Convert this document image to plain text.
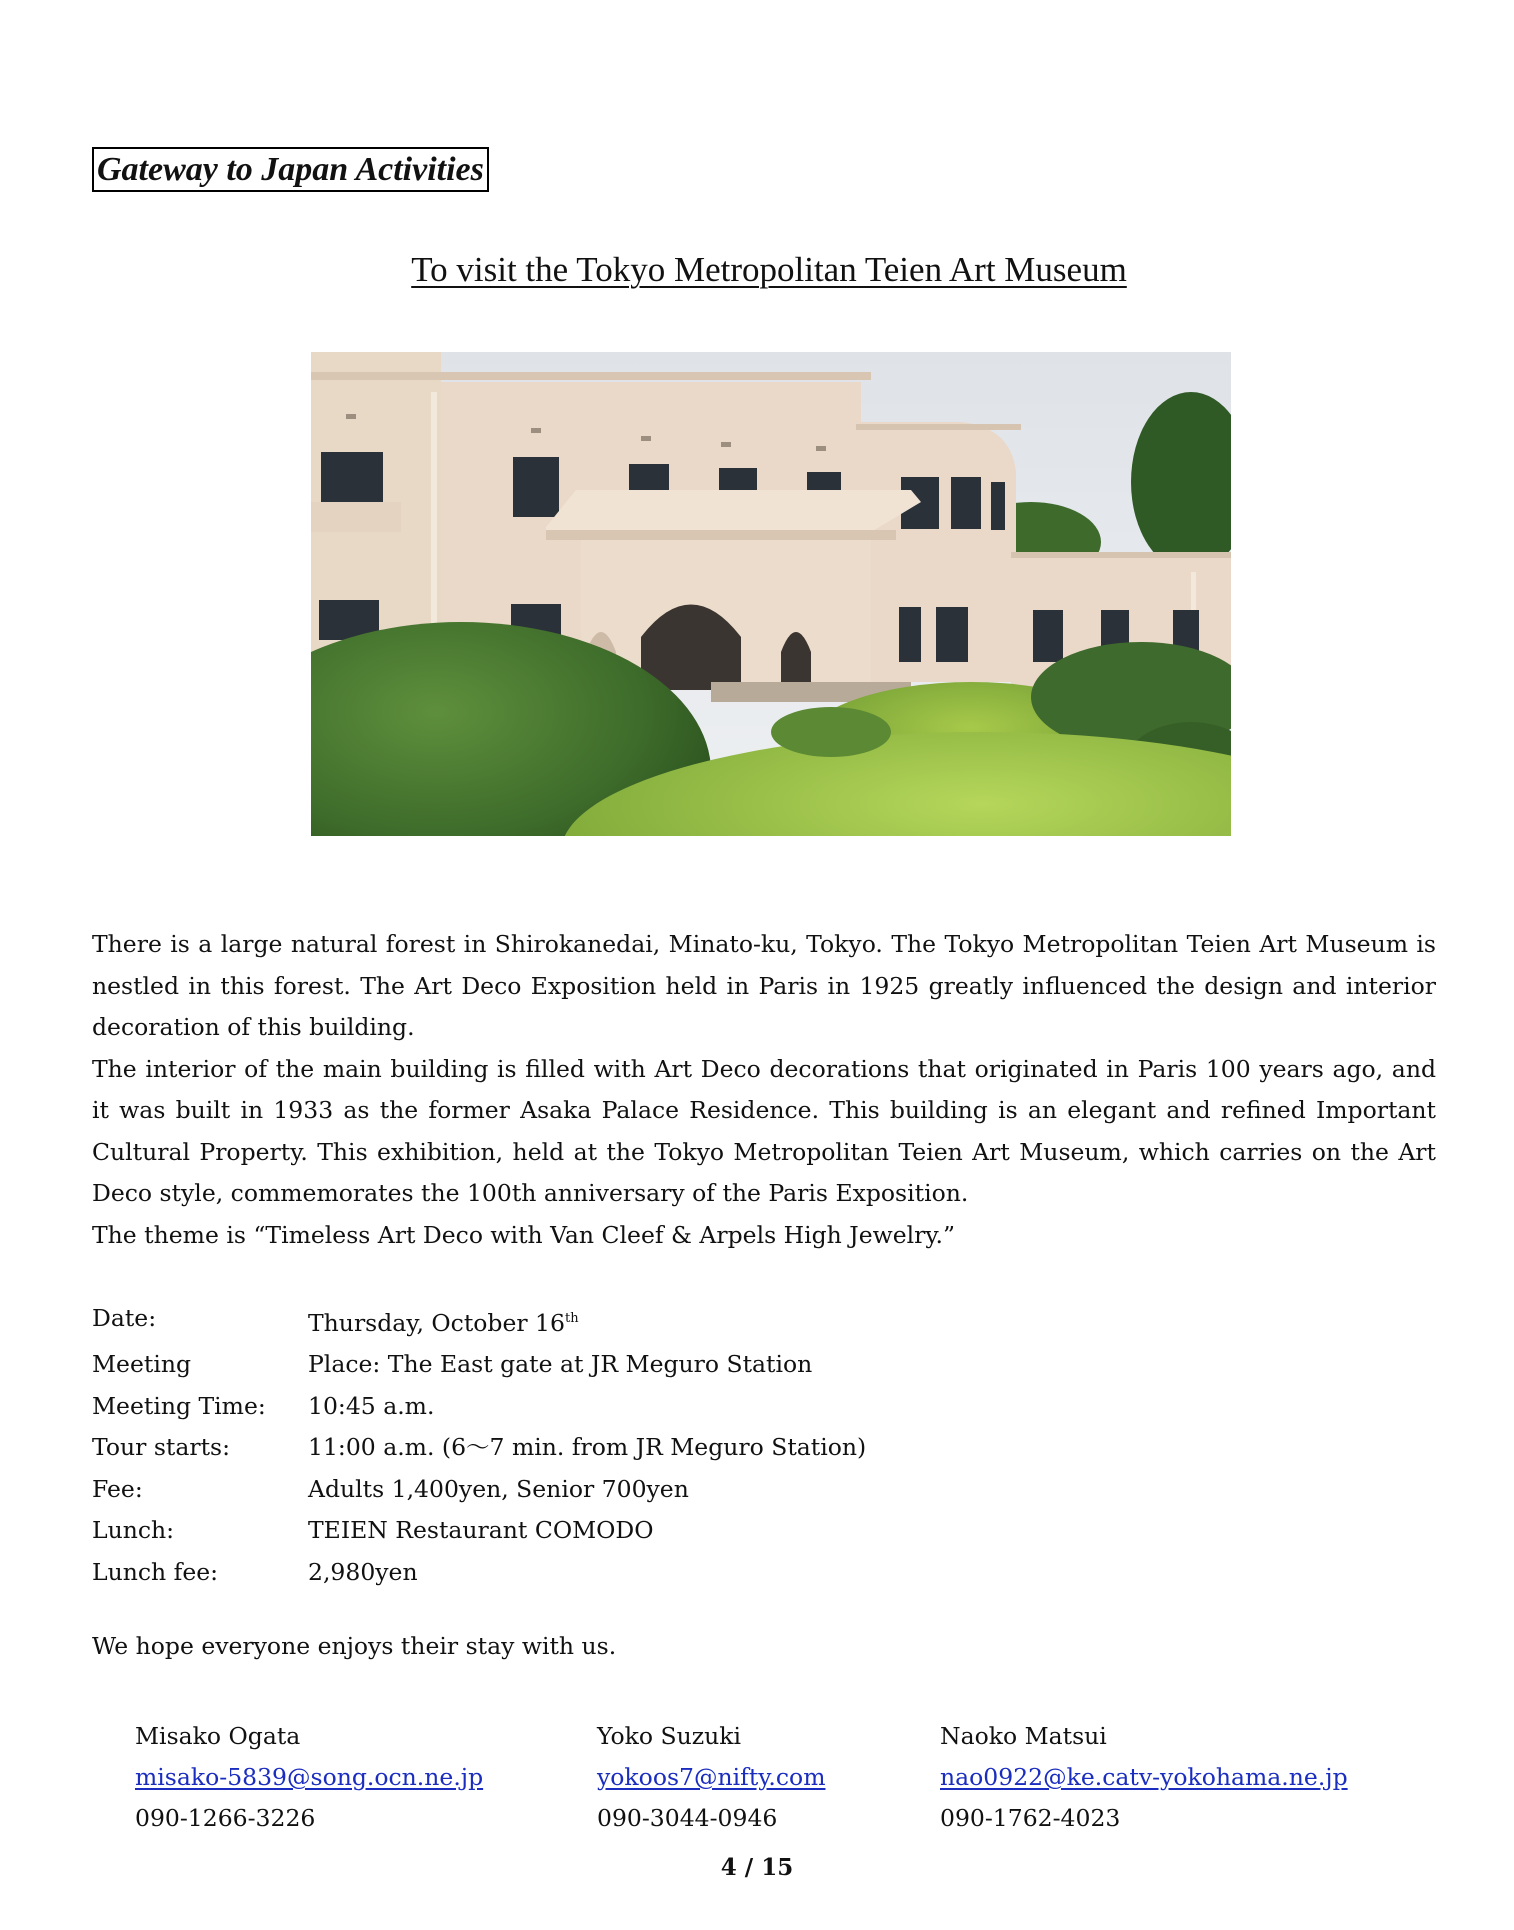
Gateway to Japan Activities
To visit the Tokyo Metropolitan Teien Art Museum

There is a large natural forest in Shirokanedai, Minato-ku, Tokyo. The Tokyo Metropolitan Teien Art Museum is nestled in this forest. The Art Deco Exposition held in Paris in 1925 greatly influenced the design and interior decoration of this building.

The interior of the main building is filled with Art Deco decorations that originated in Paris 100 years ago, and it was built in 1933 as the former Asaka Palace Residence. This building is an elegant and refined Important Cultural Property. This exhibition, held at the Tokyo Metropolitan Teien Art Museum, which carries on the Art Deco style, commemorates the 100th anniversary of the Paris Exposition.

The theme is “Timeless Art Deco with Van Cleef & Arpels High Jewelry.”

Date:	Thursday, October 16th
Meeting	Place: The East gate at JR Meguro Station
Meeting Time:	10:45 a.m.
Tour starts:	11:00 a.m. (6～7 min. from JR Meguro Station)
Fee:	Adults 1,400yen, Senior 700yen
Lunch:	TEIEN Restaurant COMODO
Lunch fee:	2,980yen
We hope everyone enjoys their stay with us.
Misako Ogata
misako-5839@song.ocn.ne.jp
090-1266-3226
Yoko Suzuki
yokoos7@nifty.com
090-3044-0946
Naoko Matsui
nao0922@ke.catv-yokohama.ne.jp
090-1762-4023
4 / 15
